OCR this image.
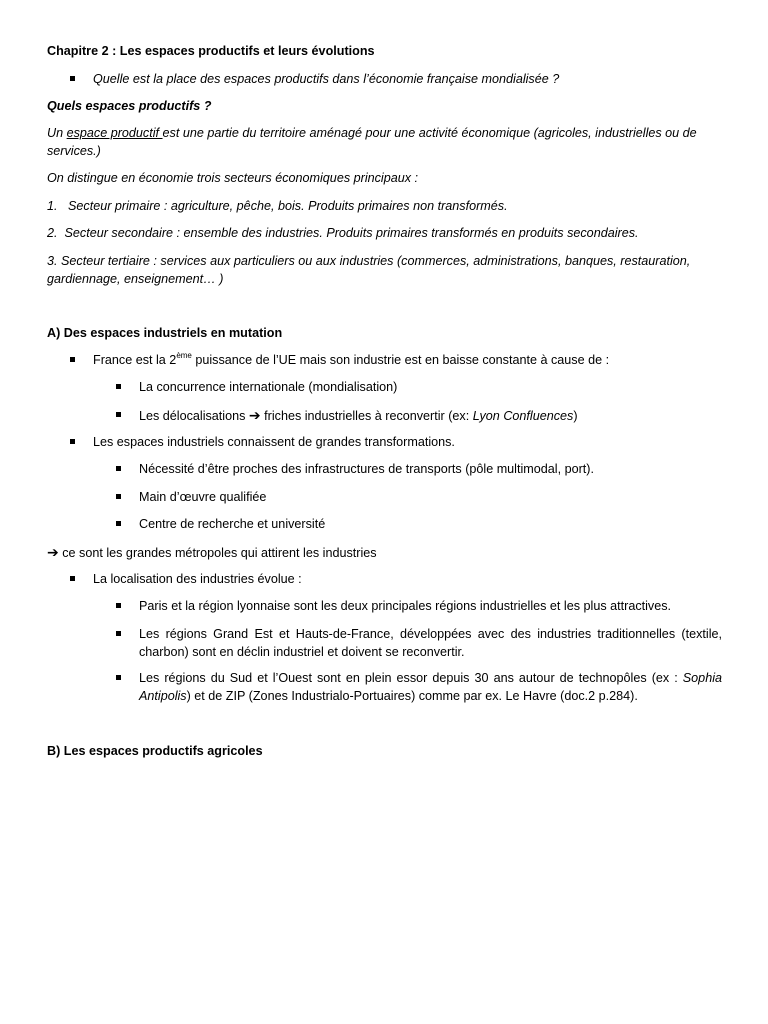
Chapitre 2 : Les espaces productifs et leurs évolutions
Quelle est la place des espaces productifs dans l’économie française mondialisée ?
Quels espaces productifs ?
Un espace productif est une partie du territoire aménagé pour une activité économique (agricoles, industrielles ou de services.)
On distingue en économie trois secteurs économiques principaux :
1.   Secteur primaire : agriculture, pêche, bois. Produits primaires non transformés.
2.  Secteur secondaire : ensemble des industries. Produits primaires transformés en produits secondaires.
3. Secteur tertiaire : services aux particuliers ou aux industries (commerces, administrations, banques, restauration, gardiennage, enseignement… )
A) Des espaces industriels en mutation
France est la 2ème puissance de l’UE mais son industrie est en baisse constante à cause de :
La concurrence internationale (mondialisation)
Les délocalisations ➔ friches industrielles à reconvertir (ex: Lyon Confluences)
Les espaces industriels connaissent de grandes transformations.
Nécessité d’être proches des infrastructures de transports (pôle multimodal, port).
Main d’œuvre qualifiée
Centre de recherche et université
➔ ce sont les grandes métropoles qui attirent les industries
La localisation des industries évolue :
Paris et la région lyonnaise sont les deux principales régions industrielles et les plus attractives.
Les régions Grand Est et Hauts-de-France, développées avec des industries traditionnelles (textile, charbon) sont en déclin industriel et doivent se reconvertir.
Les régions du Sud et l’Ouest sont en plein essor depuis 30 ans autour de technopôles (ex : Sophia Antipolis) et de ZIP (Zones Industrialo-Portuaires) comme par ex. Le Havre (doc.2 p.284).
B) Les espaces productifs agricoles
